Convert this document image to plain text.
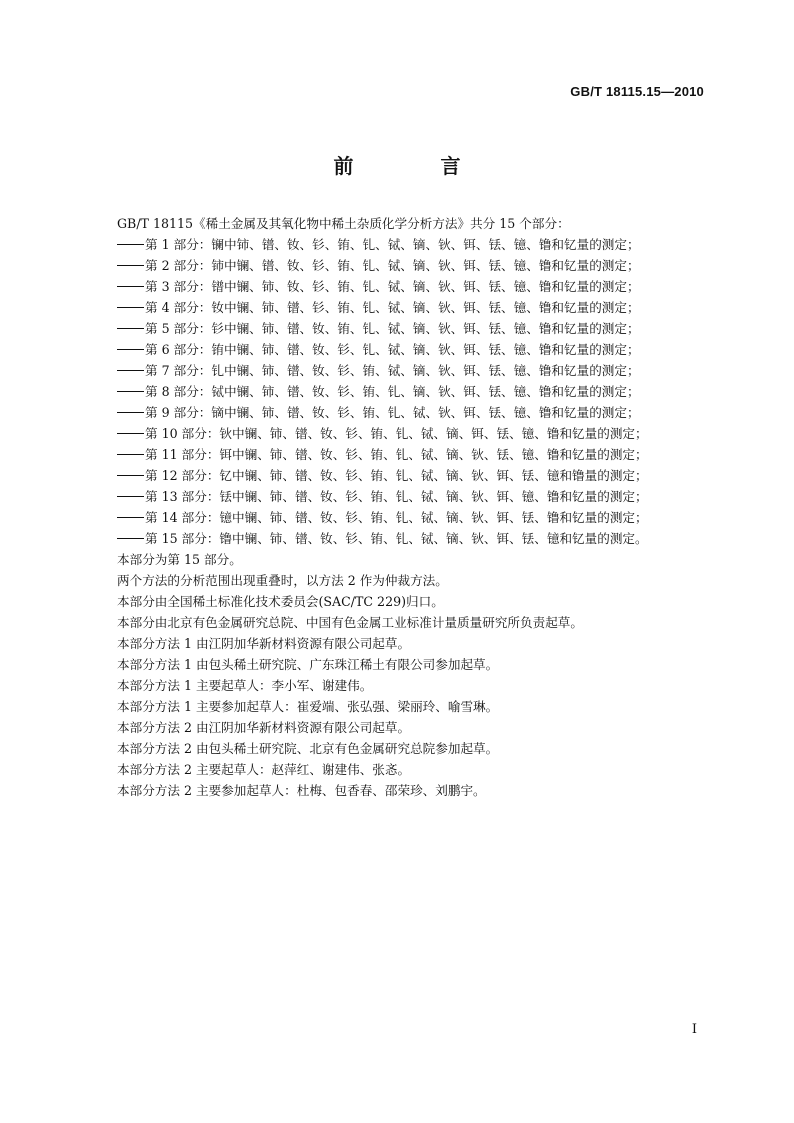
GB/T 18115.15—2010
前 言
GB/T 18115《稀土金属及其氧化物中稀土杂质化学分析方法》共分 15 个部分：
第 1 部分：镧中铈、镨、钕、钐、铕、钆、铽、镝、钬、铒、铥、镱、镥和钇量的测定；
第 2 部分：铈中镧、镨、钕、钐、铕、钆、铽、镝、钬、铒、铥、镱、镥和钇量的测定；
第 3 部分：镨中镧、铈、钕、钐、铕、钆、铽、镝、钬、铒、铥、镱、镥和钇量的测定；
第 4 部分：钕中镧、铈、镨、钐、铕、钆、铽、镝、钬、铒、铥、镱、镥和钇量的测定；
第 5 部分：钐中镧、铈、镨、钕、铕、钆、铽、镝、钬、铒、铥、镱、镥和钇量的测定；
第 6 部分：铕中镧、铈、镨、钕、钐、钆、铽、镝、钬、铒、铥、镱、镥和钇量的测定；
第 7 部分：钆中镧、铈、镨、钕、钐、铕、铽、镝、钬、铒、铥、镱、镥和钇量的测定；
第 8 部分：铽中镧、铈、镨、钕、钐、铕、钆、镝、钬、铒、铥、镱、镥和钇量的测定；
第 9 部分：镝中镧、铈、镨、钕、钐、铕、钆、铽、钬、铒、铥、镱、镥和钇量的测定；
第 10 部分：钬中镧、铈、镨、钕、钐、铕、钆、铽、镝、铒、铥、镱、镥和钇量的测定；
第 11 部分：铒中镧、铈、镨、钕、钐、铕、钆、铽、镝、钬、铥、镱、镥和钇量的测定；
第 12 部分：钇中镧、铈、镨、钕、钐、铕、钆、铽、镝、钬、铒、铥、镱和镥量的测定；
第 13 部分：铥中镧、铈、镨、钕、钐、铕、钆、铽、镝、钬、铒、镱、镥和钇量的测定；
第 14 部分：镱中镧、铈、镨、钕、钐、铕、钆、铽、镝、钬、铒、铥、镥和钇量的测定；
第 15 部分：镥中镧、铈、镨、钕、钐、铕、钆、铽、镝、钬、铒、铥、镱和钇量的测定。
本部分为第 15 部分。
两个方法的分析范围出现重叠时，以方法 2 作为仲裁方法。
本部分由全国稀土标准化技术委员会(SAC/TC 229)归口。
本部分由北京有色金属研究总院、中国有色金属工业标准计量质量研究所负责起草。
本部分方法 1 由江阴加华新材料资源有限公司起草。
本部分方法 1 由包头稀土研究院、广东珠江稀土有限公司参加起草。
本部分方法 1 主要起草人：李小军、谢建伟。
本部分方法 1 主要参加起草人：崔爱端、张弘强、梁丽玲、喻雪琳。
本部分方法 2 由江阴加华新材料资源有限公司起草。
本部分方法 2 由包头稀土研究院、北京有色金属研究总院参加起草。
本部分方法 2 主要起草人：赵萍红、谢建伟、张忞。
本部分方法 2 主要参加起草人：杜梅、包香春、邵荣珍、刘鹏宇。
I
